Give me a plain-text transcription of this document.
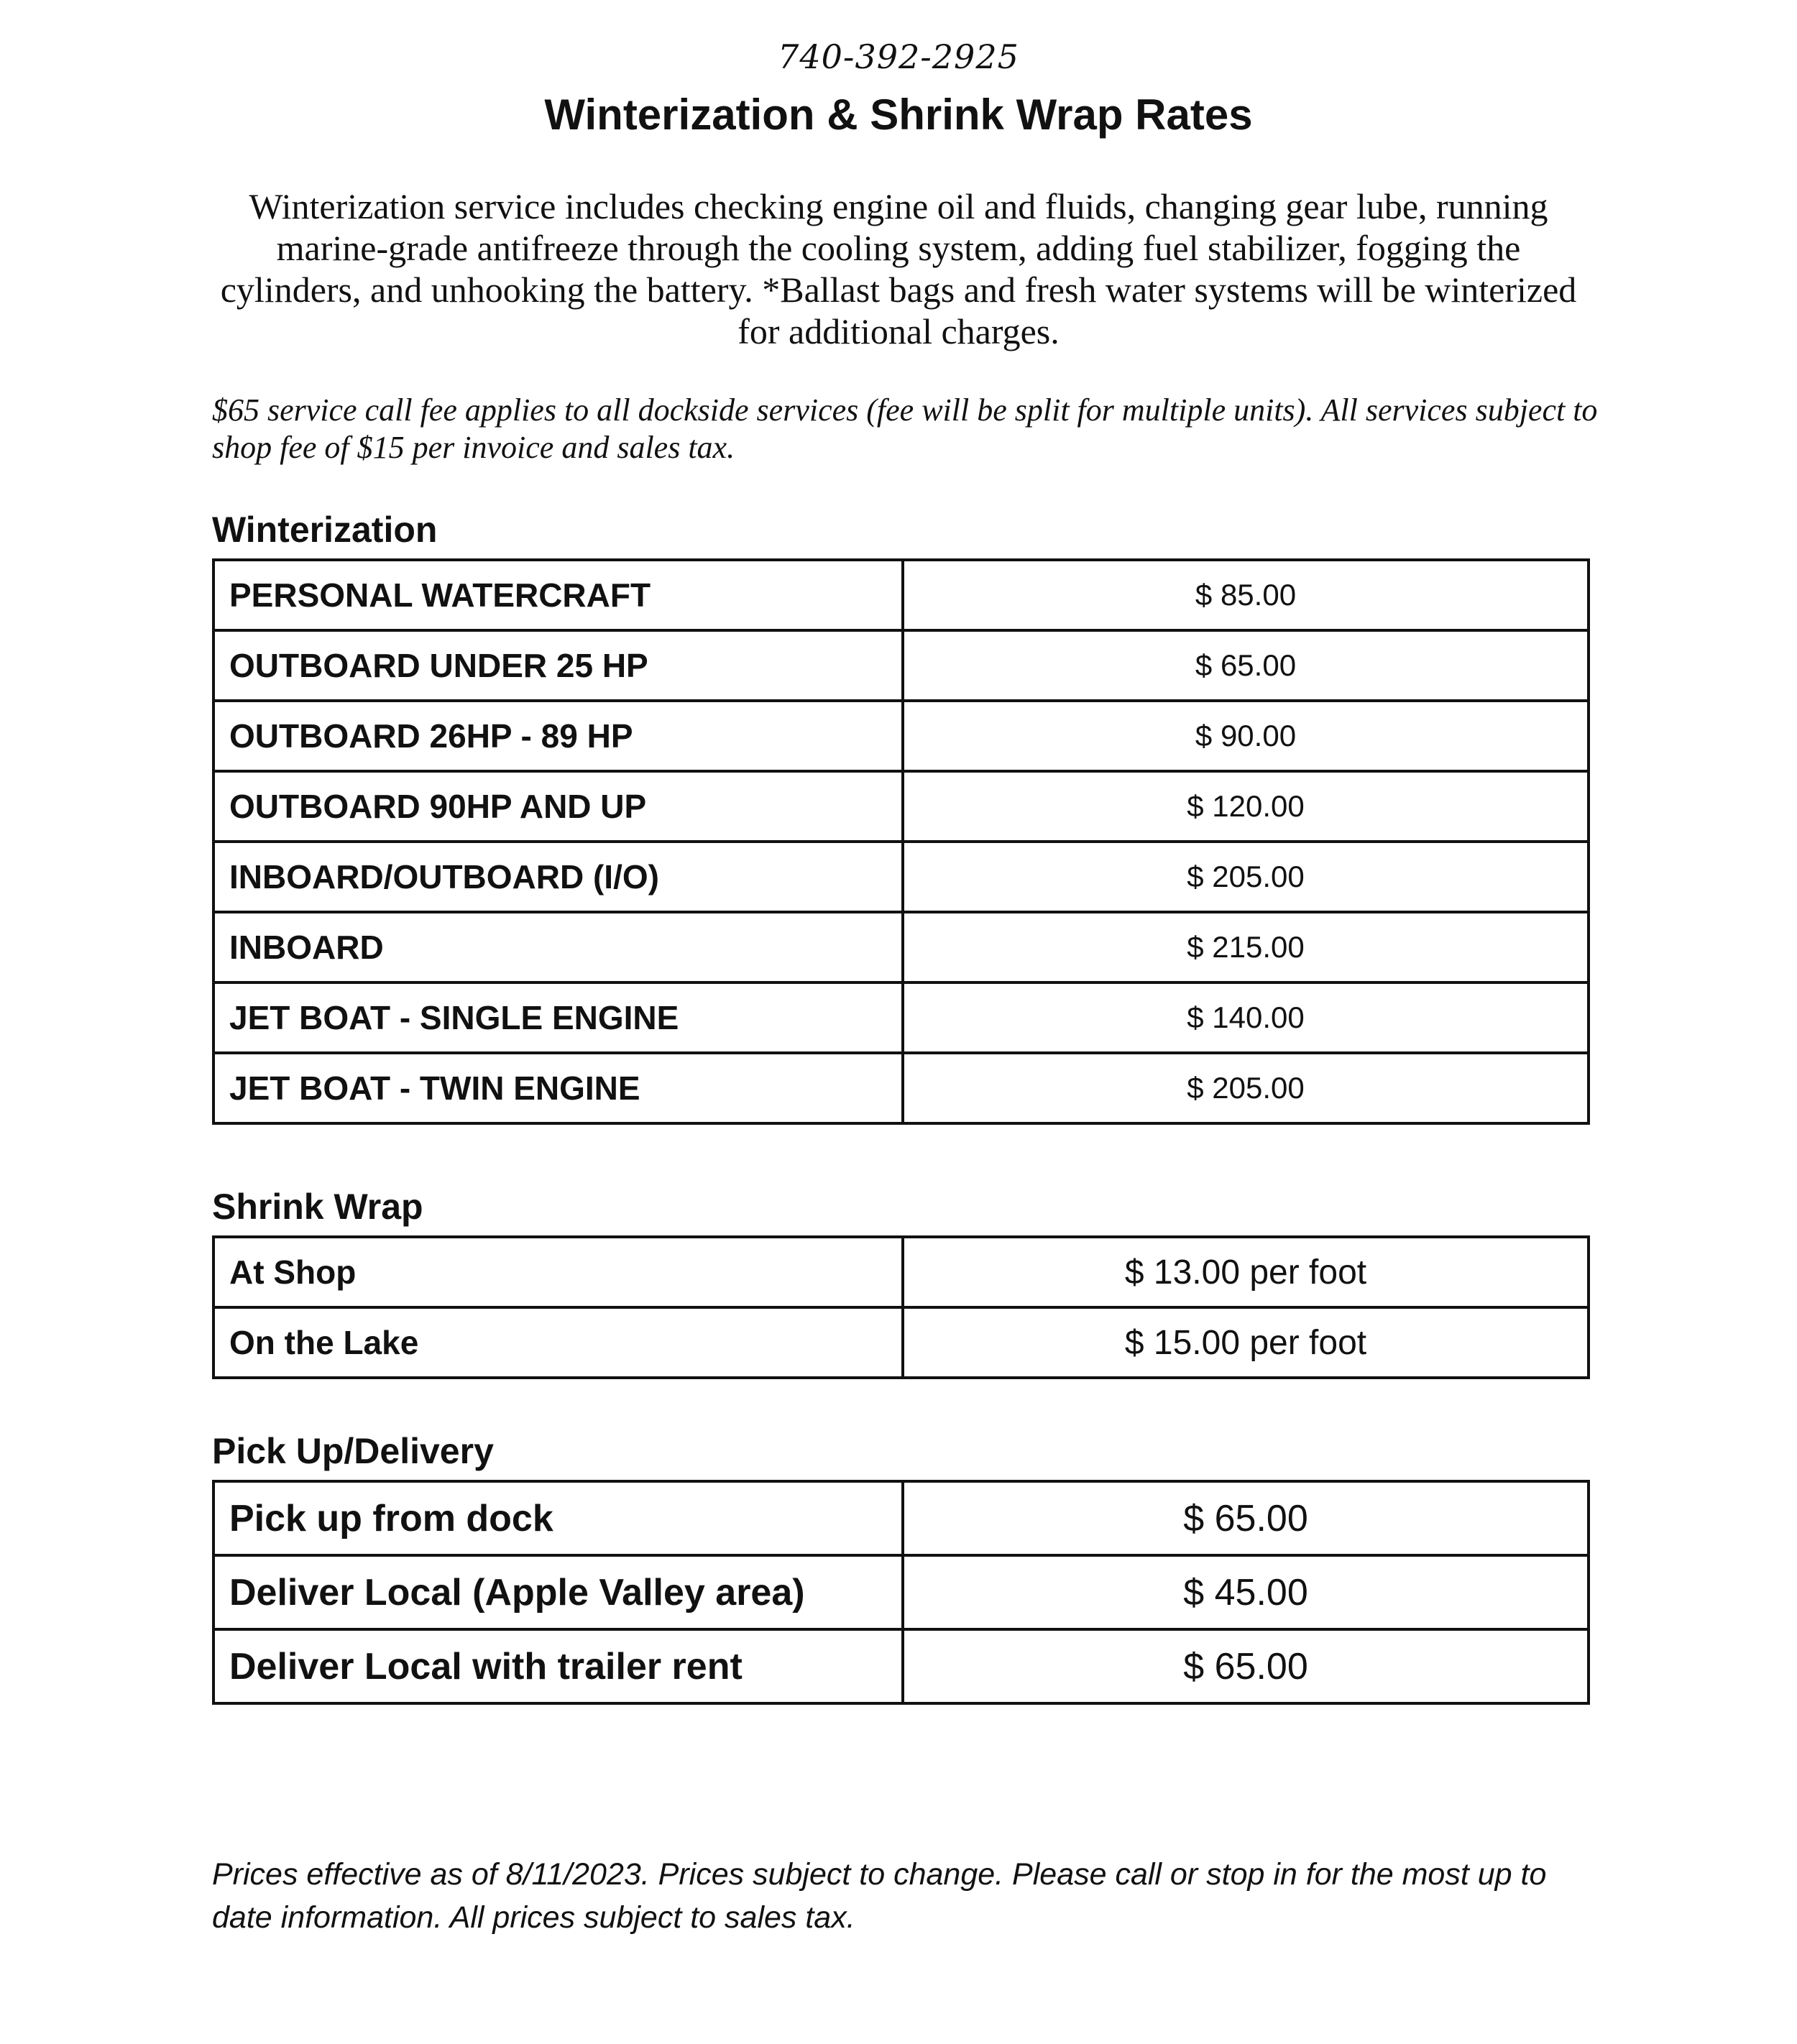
740-392-2925
Winterization & Shrink Wrap Rates
Winterization service includes checking engine oil and fluids, changing gear lube, running marine-grade antifreeze through the cooling system, adding fuel stabilizer, fogging the cylinders, and unhooking the battery. *Ballast bags and fresh water systems will be winterized for additional charges.
$65 service call fee applies to all dockside services (fee will be split for multiple units). All services subject to shop fee of $15 per invoice and sales tax.
Winterization
PERSONAL WATERCRAFT	$ 85.00
OUTBOARD UNDER 25 HP	$ 65.00
OUTBOARD 26HP - 89 HP	$ 90.00
OUTBOARD 90HP AND UP	$ 120.00
INBOARD/OUTBOARD (I/O)	$ 205.00
INBOARD	$ 215.00
JET BOAT - SINGLE ENGINE	$ 140.00
JET BOAT - TWIN ENGINE	$ 205.00
Shrink Wrap
At Shop	$ 13.00 per foot
On the Lake	$ 15.00 per foot
Pick Up/Delivery
Pick up from dock	$ 65.00
Deliver Local (Apple Valley area)	$ 45.00
Deliver Local with trailer rent	$ 65.00
Prices effective as of 8/11/2023. Prices subject to change. Please call or stop in for the most up to date information. All prices subject to sales tax.
